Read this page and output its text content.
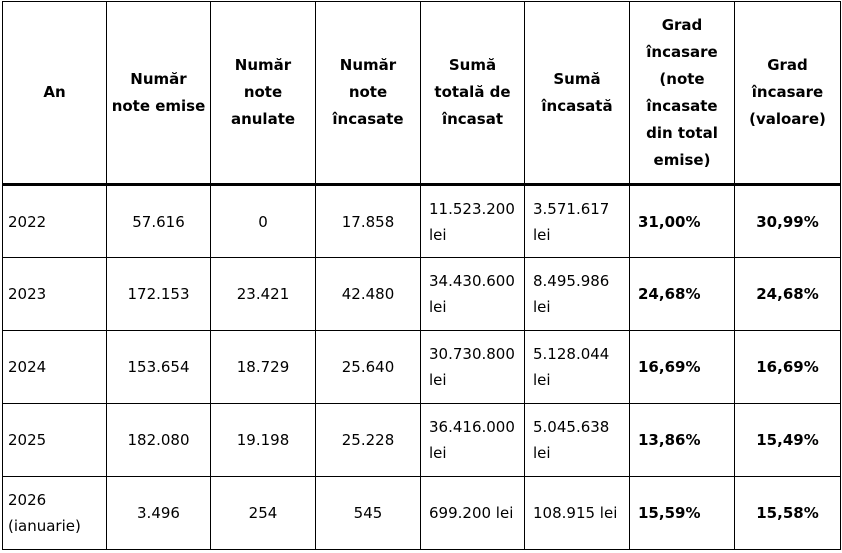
An	Număr note emise	Număr note anulate	Număr note încasate	Sumă totală de încasat	Sumă încasată	Grad încasare (note încasate din total emise)	Grad încasare (valoare)
2022	57.616	0	17.858	11.523.200 lei	3.571.617 lei	31,00%	30,99%
2023	172.153	23.421	42.480	34.430.600 lei	8.495.986 lei	24,68%	24,68%
2024	153.654	18.729	25.640	30.730.800 lei	5.128.044 lei	16,69%	16,69%
2025	182.080	19.198	25.228	36.416.000 lei	5.045.638 lei	13,86%	15,49%
2026 (ianuarie)	3.496	254	545	699.200 lei	108.915 lei	15,59%	15,58%
